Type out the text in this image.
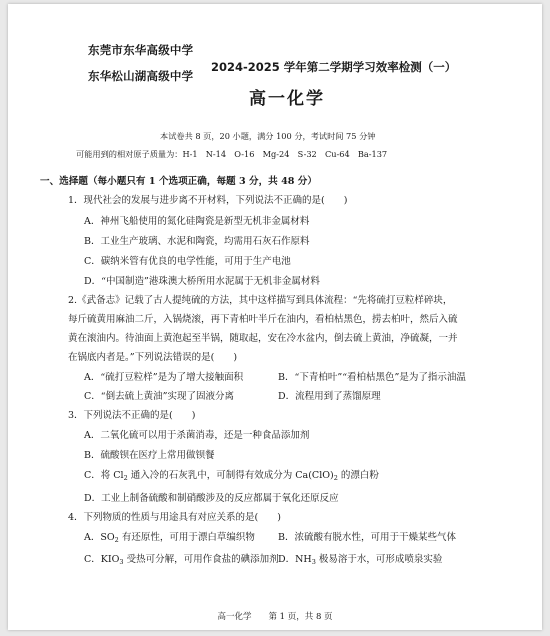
东莞市东华高级中学
东华松山湖高级中学
2024-2025 学年第二学期学习效率检测（一）
高一化学
本试卷共 8 页，20 小题，满分 100 分，考试时间 75 分钟
可能用到的相对原子质量为：H-1　N-14　O-16　Mg-24　S-32　Cu-64　Ba-137
一、选择题（每小题只有 1 个选项正确，每题 3 分，共 48 分）
1．现代社会的发展与进步离不开材料，下列说法不正确的是(　　)
A．神州飞船使用的氮化硅陶瓷是新型无机非金属材料
B．工业生产玻璃、水泥和陶瓷，均需用石灰石作原料
C．碳纳米管有优良的电学性能，可用于生产电池
D．“中国制造”港珠澳大桥所用水泥属于无机非金属材料
2.《武备志》记载了古人提纯硫的方法，其中这样描写到具体流程：“先将硫打豆粒样碎块，
每斤硫黄用麻油二斤，入锅烧滚，再下青柏叶半斤在油内，看柏枯黑色，捞去柏叶，然后入硫
黄在滚油内。待油面上黄泡起至半锅，随取起，安在冷水盆内，倒去硫上黄油，净硫凝，一并
在锅底内者是。”下列说法错误的是(　　)
A．“硫打豆粒样”是为了增大接触面积	B．“下青柏叶”“看柏枯黑色”是为了指示油温
C．“倒去硫上黄油”实现了固液分离	D．流程用到了蒸馏原理
3．下列说法不正确的是(　　)
A．二氧化硫可以用于杀菌消毒，还是一种食品添加剂
B．硫酸钡在医疗上常用做钡餐
C．将 $Cl_2$ 通入冷的石灰乳中，可制得有效成分为 $Ca(ClO)_2$ 的漂白粉
D．工业上制备硫酸和制硝酸涉及的反应都属于氧化还原反应
4．下列物质的性质与用途具有对应关系的是(　　)
A．$SO_2$ 有还原性，可用于漂白草编织物 B．浓硫酸有脱水性，可用于干燥某些气体
C．$KIO_3$ 受热可分解，可用作食盐的碘添加剂 D．$NH_3$ 极易溶于水，可形成喷泉实验
高一化学　　第 1 页，共 8 页
